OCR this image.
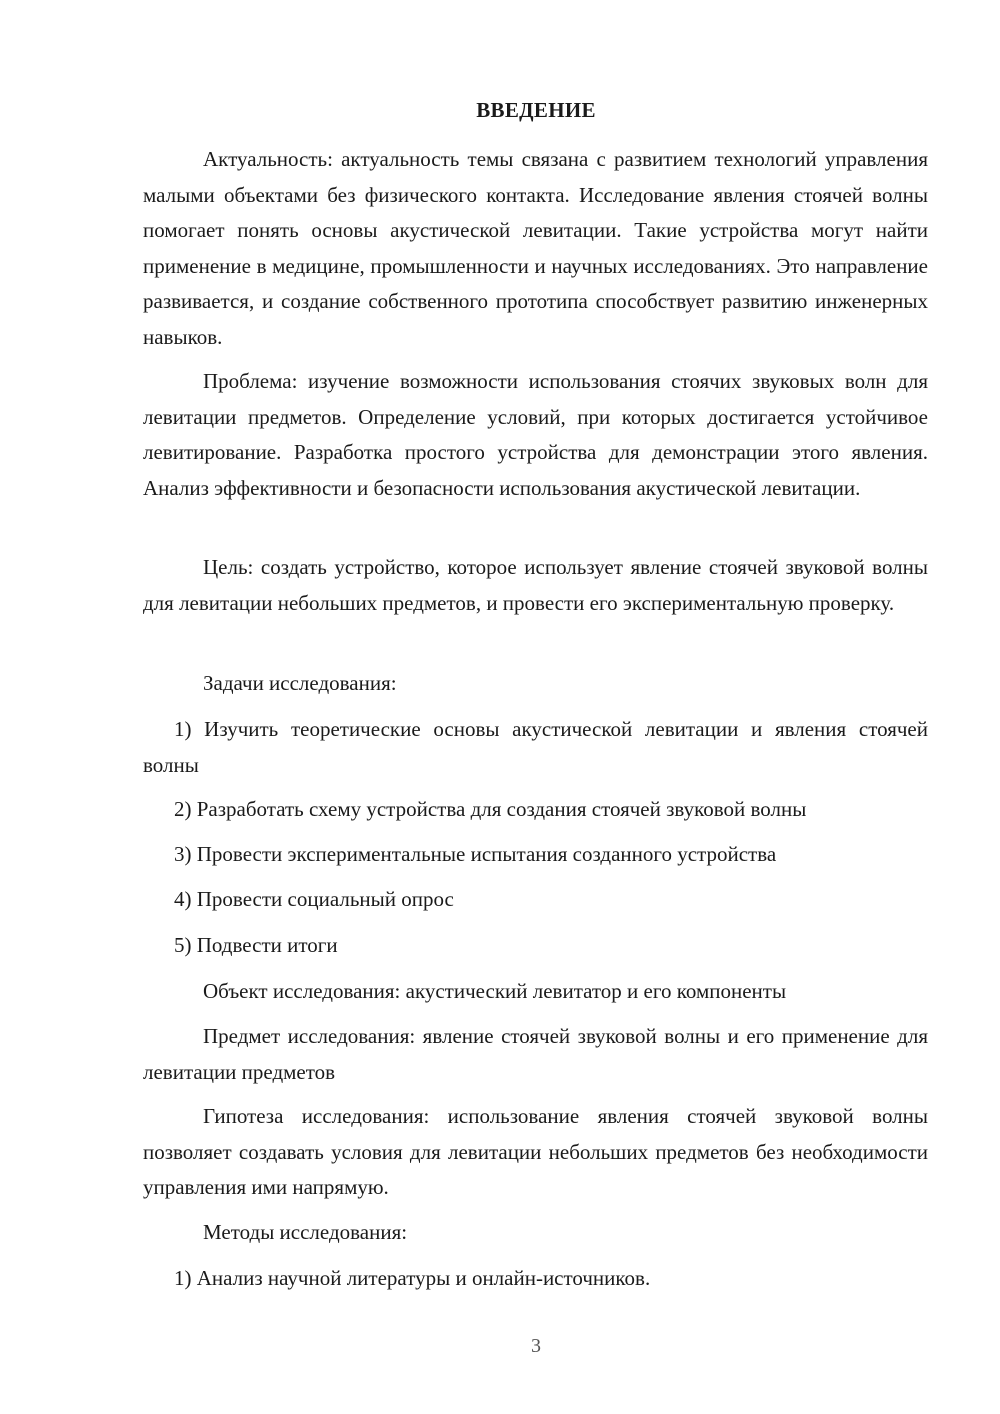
ВВЕДЕНИЕ

Актуальность: актуальность темы связана с развитием технологий управления малыми объектами без физического контакта. Исследование явления стоячей волны помогает понять основы акустической левитации. Такие устройства могут найти применение в медицине, промышленности и научных исследованиях. Это направление развивается, и создание собственного прототипа способствует развитию инженерных навыков.

Проблема: изучение возможности использования стоячих звуковых волн для левитации предметов. Определение условий, при которых достигается устойчивое левитирование. Разработка простого устройства для демонстрации этого явления. Анализ эффективности и безопасности использования акустической левитации.

Цель: создать устройство, которое использует явление стоячей звуковой волны для левитации небольших предметов, и провести его экспериментальную проверку.

Задачи исследования:

1) Изучить теоретические основы акустической левитации и явления стоячей волны

2) Разработать схему устройства для создания стоячей звуковой волны

3) Провести экспериментальные испытания созданного устройства

4) Провести социальный опрос

5) Подвести итоги

Объект исследования: акустический левитатор и его компоненты

Предмет исследования: явление стоячей звуковой волны и его применение для левитации предметов

Гипотеза исследования: использование явления стоячей звуковой волны позволяет создавать условия для левитации небольших предметов без необходимости управления ими напрямую.

Методы исследования:

1) Анализ научной литературы и онлайн-источников.

3
